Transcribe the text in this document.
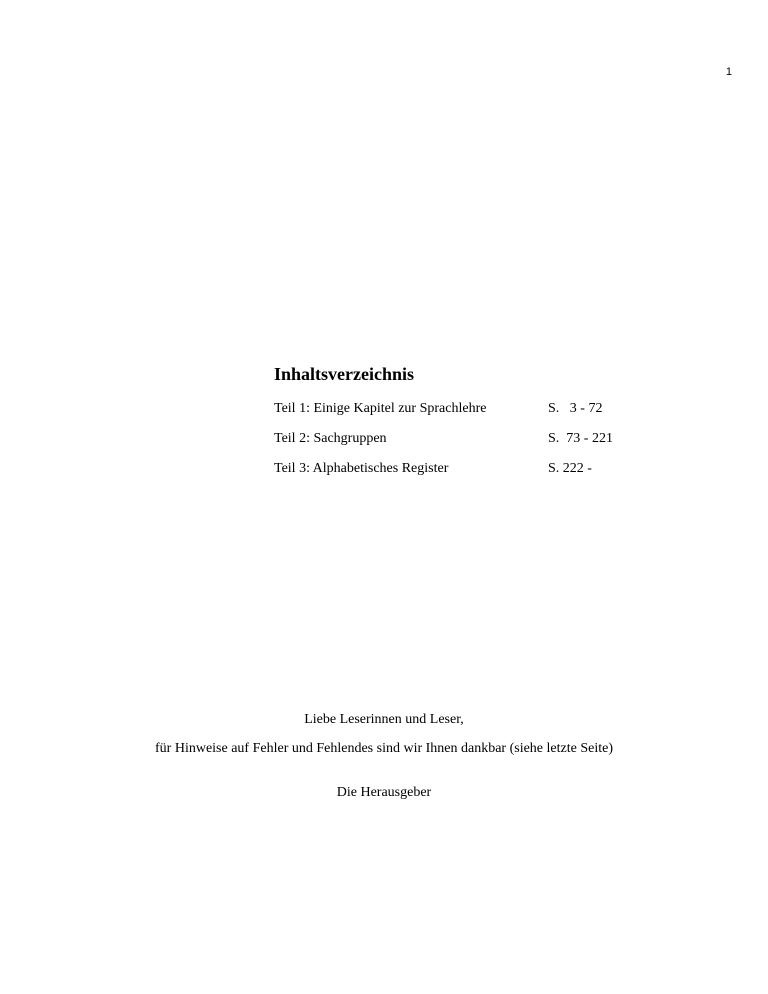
1
Inhaltsverzeichnis
Teil 1: Einige Kapitel zur Sprachlehre	S.   3 - 72
Teil 2: Sachgruppen	S.  73 - 221
Teil 3: Alphabetisches Register	S. 222 -
Liebe Leserinnen und Leser,
für Hinweise auf Fehler und Fehlendes sind wir Ihnen dankbar (siehe letzte Seite)
Die Herausgeber
